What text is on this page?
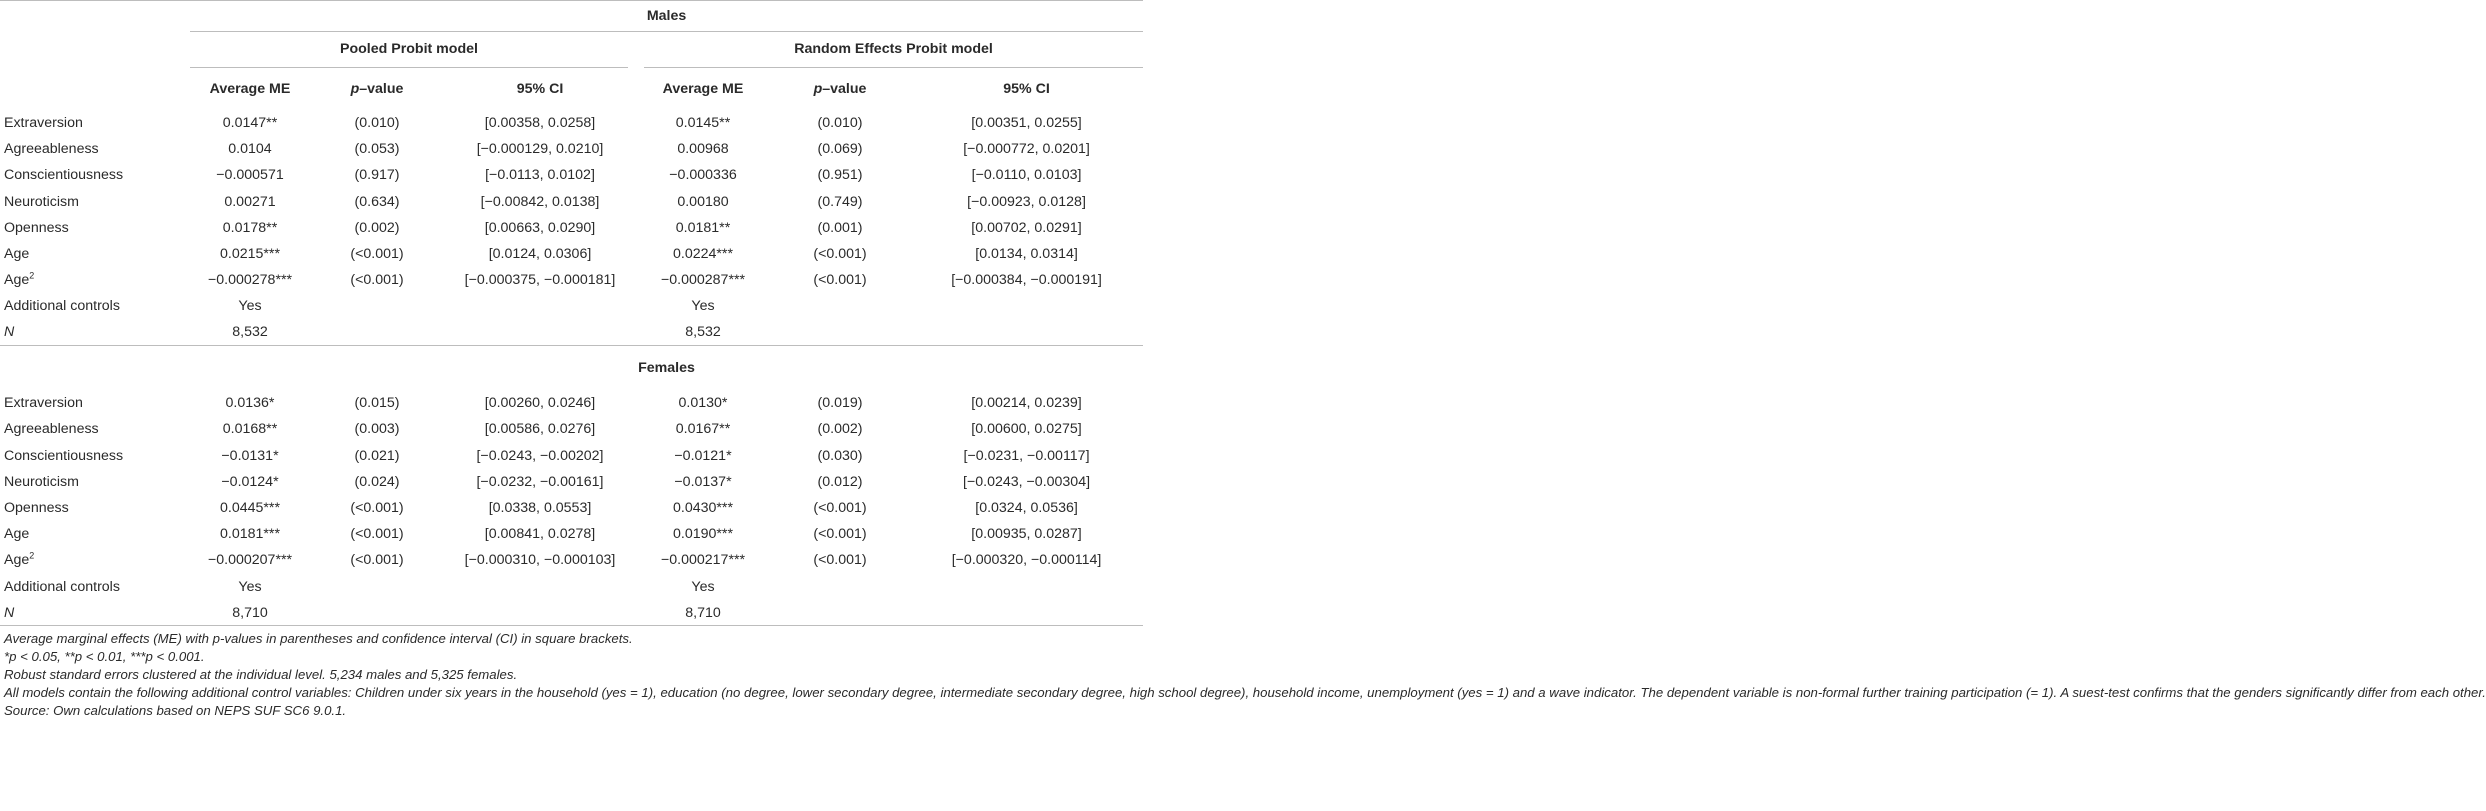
	Males					

	Pooled Probit model			Random Effects Probit model		

	Average ME	p–value	95% CI	Average ME	p–value	95% CI
Extraversion	0.0147**	(0.010)	[0.00358, 0.0258]	0.0145**	(0.010)	[0.00351, 0.0255]
Agreeableness	0.0104	(0.053)	[−0.000129, 0.0210]	0.00968	(0.069)	[−0.000772, 0.0201]
Conscientiousness	−0.000571	(0.917)	[−0.0113, 0.0102]	−0.000336	(0.951)	[−0.0110, 0.0103]
Neuroticism	0.00271	(0.634)	[−0.00842, 0.0138]	0.00180	(0.749)	[−0.00923, 0.0128]
Openness	0.0178**	(0.002)	[0.00663, 0.0290]	0.0181**	(0.001)	[0.00702, 0.0291]
Age	0.0215***	(<0.001)	[0.0124, 0.0306]	0.0224***	(<0.001)	[0.0134, 0.0314]
Age$^2$	−0.000278***	(<0.001)	[−0.000375, −0.000181]	−0.000287***	(<0.001)	[−0.000384, −0.000191]
Additional controls	Yes			Yes		
N	8,532			8,532		
	Females					
Extraversion	0.0136*	(0.015)	[0.00260, 0.0246]	0.0130*	(0.019)	[0.00214, 0.0239]
Agreeableness	0.0168**	(0.003)	[0.00586, 0.0276]	0.0167**	(0.002)	[0.00600, 0.0275]
Conscientiousness	−0.0131*	(0.021)	[−0.0243, −0.00202]	−0.0121*	(0.030)	[−0.0231, −0.00117]
Neuroticism	−0.0124*	(0.024)	[−0.0232, −0.00161]	−0.0137*	(0.012)	[−0.0243, −0.00304]
Openness	0.0445***	(<0.001)	[0.0338, 0.0553]	0.0430***	(<0.001)	[0.0324, 0.0536]
Age	0.0181***	(<0.001)	[0.00841, 0.0278]	0.0190***	(<0.001)	[0.00935, 0.0287]
Age$^2$	−0.000207***	(<0.001)	[−0.000310, −0.000103]	−0.000217***	(<0.001)	[−0.000320, −0.000114]
Additional controls	Yes			Yes		
N	8,710			8,710		

Average marginal effects (ME) with p-values in parentheses and confidence interval (CI) in square brackets.
*p < 0.05, **p < 0.01, ***p < 0.001.
Robust standard errors clustered at the individual level. 5,234 males and 5,325 females.
All models contain the following additional control variables: Children under six years in the household (yes = 1), education (no degree, lower secondary degree, intermediate secondary degree, high school degree), household income, unemployment (yes = 1) and a wave indicator. The dependent variable is non-formal further training participation (= 1). A suest-test confirms that the genders significantly differ from each other.
Source: Own calculations based on NEPS SUF SC6 9.0.1.						
